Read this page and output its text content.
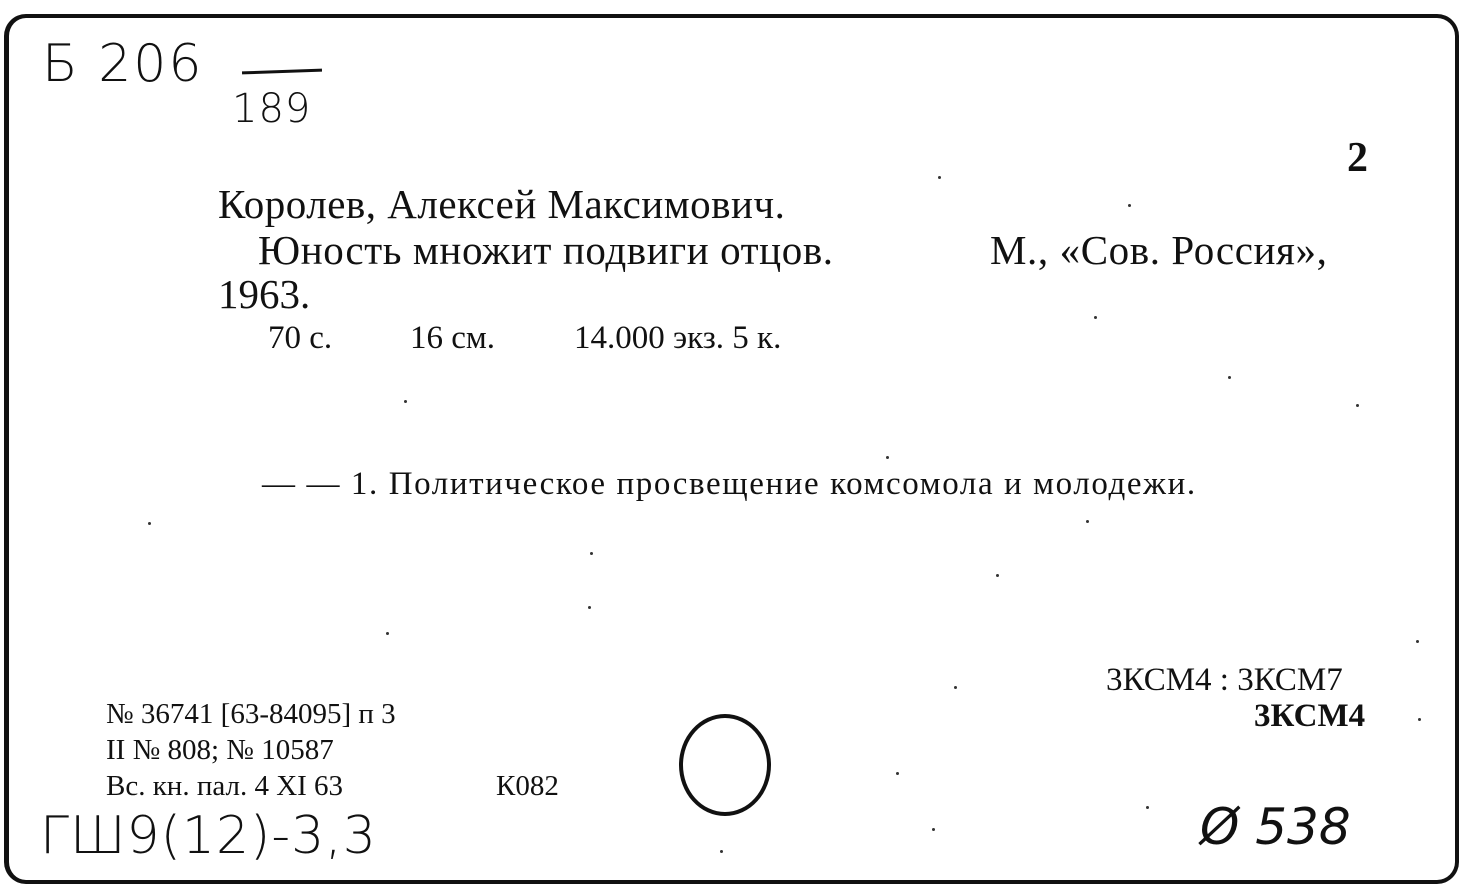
Б 206
189
2
Королев, Алексей Максимович.
Юность множит подвиги отцов.	М., «Сов. Россия»,
1963.
70 с. 16 см. 14.000 экз. 5 к.
— — 1. Политическое просвещение комсомола и молодежи.
3КСМ4 : 3КСМ7
3КСМ4
№ 36741 [63-84095] п 3
II № 808; № 10587
Вс. кн. пал. 4 XI 63	К082
ГШ9(12)-3,3	Ø 538
